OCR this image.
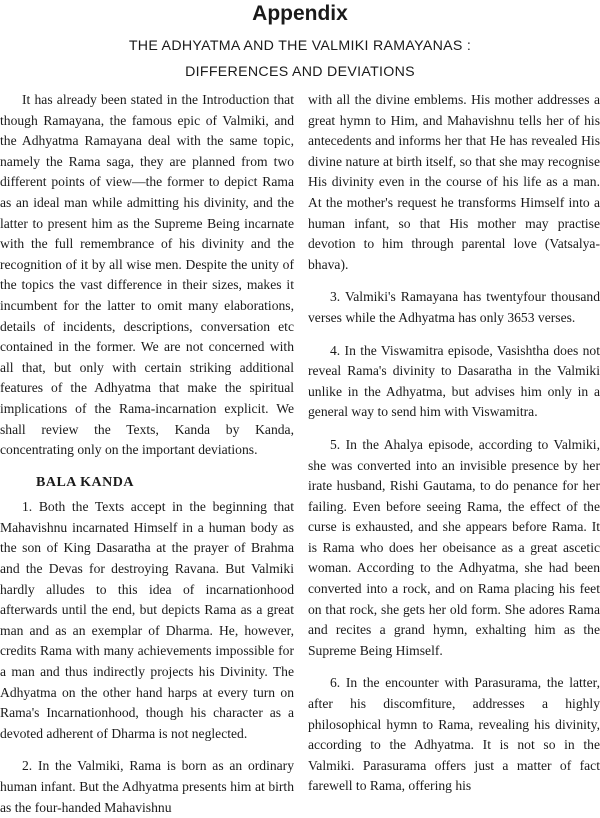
Appendix

THE ADHYATMA AND THE VALMIKI RAMAYANAS :

DIFFERENCES AND DEVIATIONS

It has already been stated in the Introduction that though Ramayana, the famous epic of Valmiki, and the Adhyatma Ramayana deal with the same topic, namely the Rama saga, they are planned from two different points of view—the former to depict Rama as an ideal man while admitting his divinity, and the latter to present him as the Supreme Being incarnate with the full remembrance of his divinity and the recognition of it by all wise men. Despite the unity of the topics the vast difference in their sizes, makes it incumbent for the latter to omit many elaborations, details of incidents, descriptions, conversation etc contained in the former. We are not concerned with all that, but only with certain striking additional features of the Adhyatma that make the spiritual implications of the Rama-incarnation explicit. We shall review the Texts, Kanda by Kanda, concentrating only on the important deviations.

BALA KANDA

1. Both the Texts accept in the beginning that Mahavishnu incarnated Himself in a human body as the son of King Dasaratha at the prayer of Brahma and the Devas for destroying Ravana. But Valmiki hardly alludes to this idea of incarnationhood afterwards until the end, but depicts Rama as a great man and as an exemplar of Dharma. He, however, credits Rama with many achievements impossible for a man and thus indirectly projects his Divinity. The Adhyatma on the other hand harps at every turn on Rama's Incarnationhood, though his character as a devoted adherent of Dharma is not neglected.

2. In the Valmiki, Rama is born as an ordinary human infant. But the Adhyatma presents him at birth as the four-handed Mahavishnu

with all the divine emblems. His mother addresses a great hymn to Him, and Mahavishnu tells her of his antecedents and informs her that He has revealed His divine nature at birth itself, so that she may recognise His divinity even in the course of his life as a man. At the mother's request he transforms Himself into a human infant, so that His mother may practise devotion to him through parental love (Vatsalya-bhava).

3. Valmiki's Ramayana has twentyfour thousand verses while the Adhyatma has only 3653 verses.

4. In the Viswamitra episode, Vasishtha does not reveal Rama's divinity to Dasaratha in the Valmiki unlike in the Adhyatma, but advises him only in a general way to send him with Viswamitra.

5. In the Ahalya episode, according to Valmiki, she was converted into an invisible presence by her irate husband, Rishi Gautama, to do penance for her failing. Even before seeing Rama, the effect of the curse is exhausted, and she appears before Rama. It is Rama who does her obeisance as a great ascetic woman. According to the Adhyatma, she had been converted into a rock, and on Rama placing his feet on that rock, she gets her old form. She adores Rama and recites a grand hymn, exhalting him as the Supreme Being Himself.

6. In the encounter with Parasurama, the latter, after his discomfiture, addresses a highly philosophical hymn to Rama, revealing his divinity, according to the Adhyatma. It is not so in the Valmiki. Parasurama offers just a matter of fact farewell to Rama, offering his
